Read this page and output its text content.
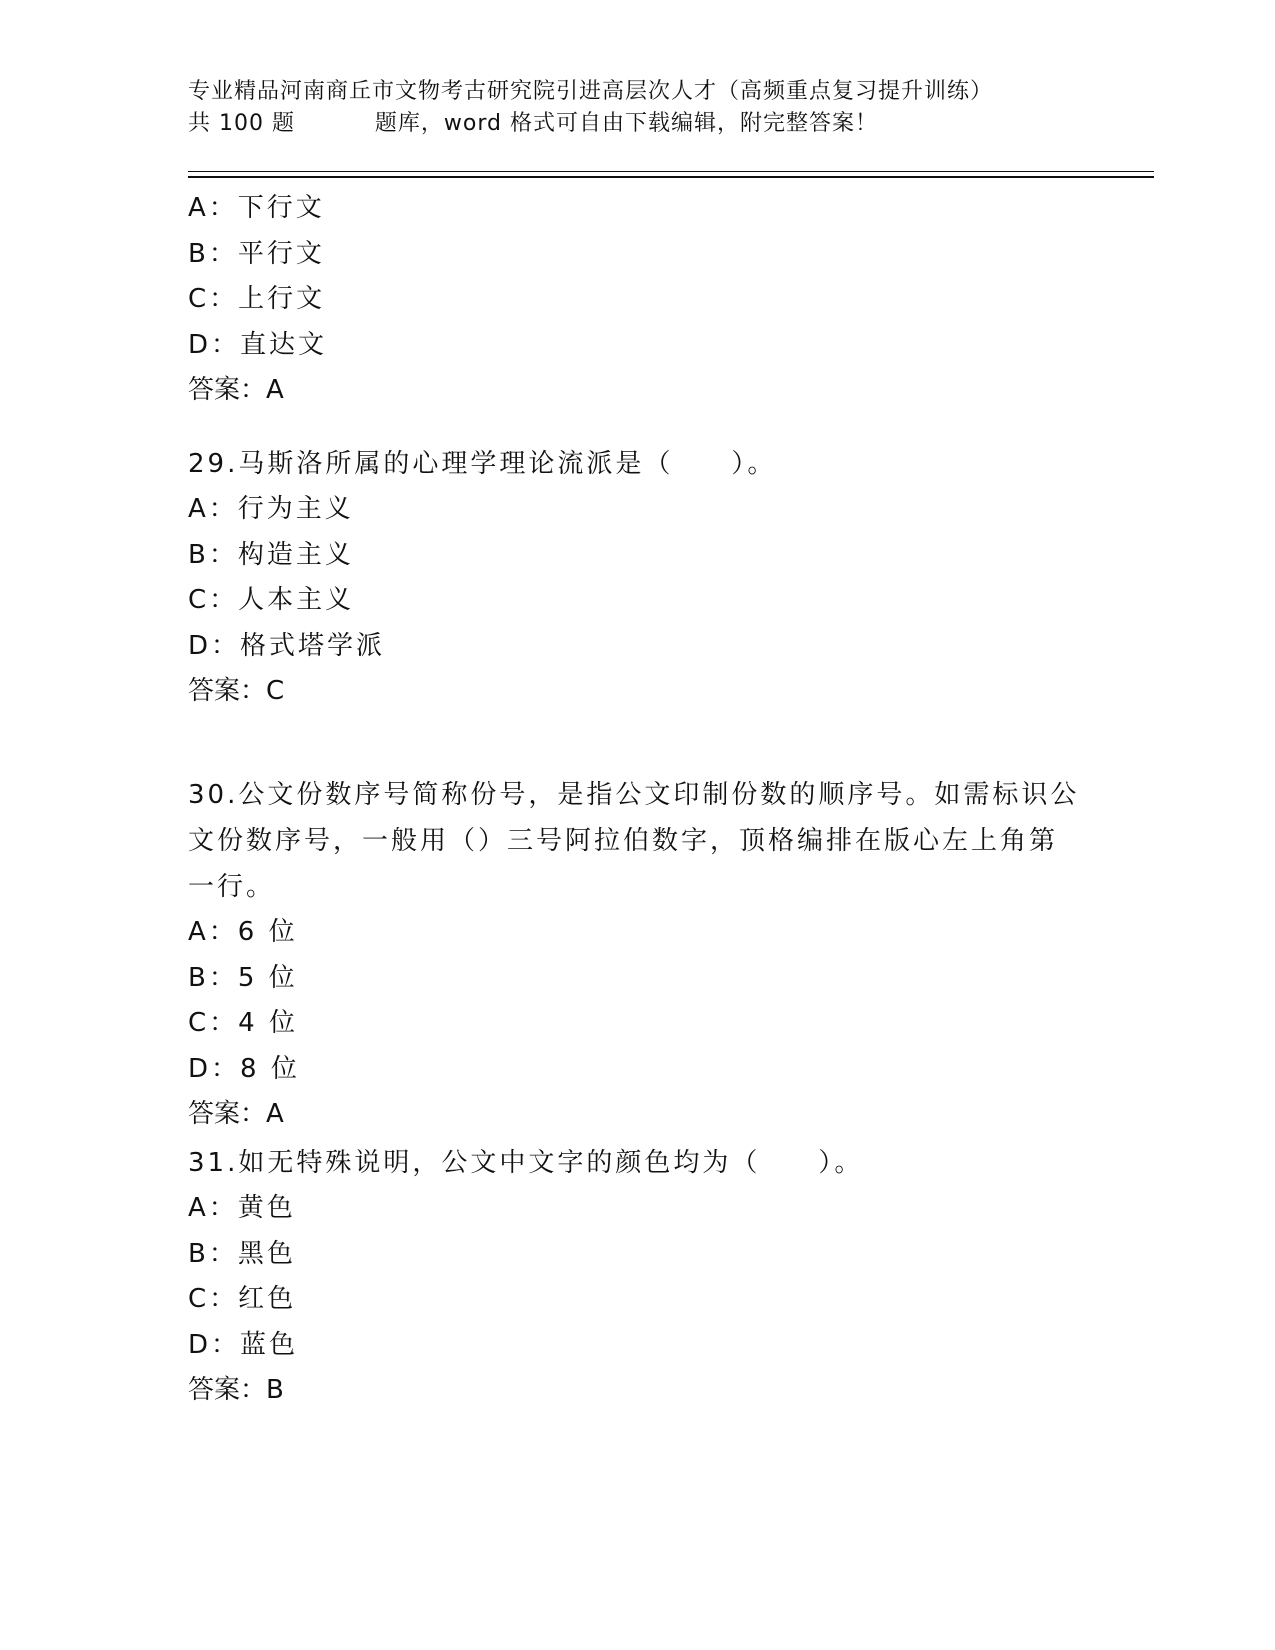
专业精品河南商丘市文物考古研究院引进高层次人才（高频重点复习提升训练）
共 100 题          题库，word 格式可自由下载编辑，附完整答案！
A：下行文
B：平行文
C：上行文
D：直达文
答案：A
29.马斯洛所属的心理学理论流派是（　　）。
A：行为主义
B：构造主义
C：人本主义
D：格式塔学派
答案：C
30.公文份数序号简称份号，是指公文印制份数的顺序号。如需标识公
文份数序号，一般用（）三号阿拉伯数字，顶格编排在版心左上角第
一行。
A：6 位
B：5 位
C：4 位
D：8 位
答案：A
31.如无特殊说明，公文中文字的颜色均为（　　）。
A：黄色
B：黑色
C：红色
D：蓝色
答案：B
